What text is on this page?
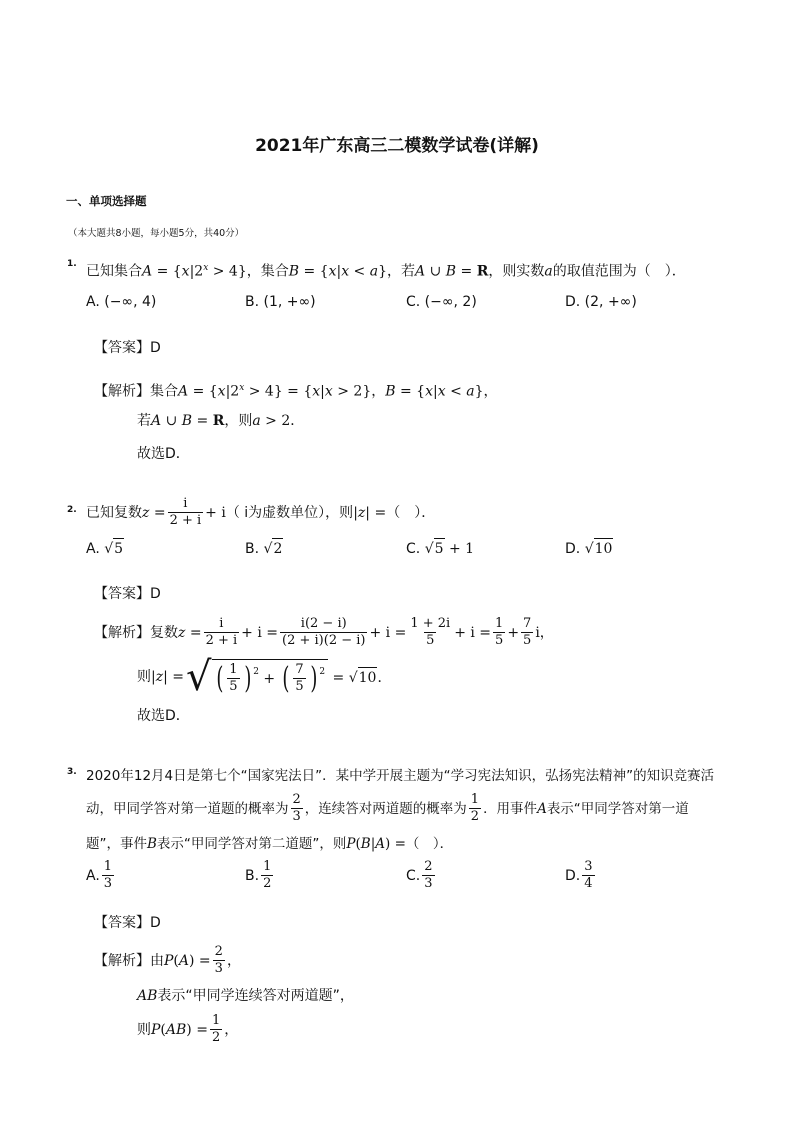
2021年广东高三二模数学试卷(详解)
一、单项选择题
（本大题共8小题，每小题5分，共40分）
1. 已知集合$A = \{x|2^x > 4\}$，集合B = {x|x < a}，若A ∪ B = R，则实数a的取值范围为（　）．
A. (−∞, 4)	B. (1, +∞)	C. (−∞, 2)	D. (2, +∞)
【答案】D
【解析】集合$A = \{x|2^x > 4\} = \{x|x > 2\}$，B = {x|x < a}，
若A ∪ B = R，则a > 2．
故选D．
2. 已知复数 $z = \frac{i}{2 + i} + i$ （ i为虚数单位），则 | z | = （　）．
A. √5	B. √2	C. √5 + 1	D. √10
【答案】D
【解析】 复数 $z = \frac{i}{2 + i} + i = \frac{i(2 - i)}{(2 + i)(2 - i)} + i = \frac{1 + 2i}{5} + i = \frac{1}{5} + \frac{7}{5}$ i，
则 | z | = √ ( $\frac{1}{5}$ ) $^2$ + ( $\frac{7}{5}$ ) $^2$ = √10．
故选D．
3. 2020年12月4日是第七个“国家宪法日”．某中学开展主题为“学习宪法知识，弘扬宪法精神”的知识竞赛活
动，甲同学答对第一道题的概率为 $\frac{2}{3}$ ，连续答对两道题的概率为 $\frac{1}{2}$ ．用事件 A 表示“甲同学答对第一道
题”，事件B表示“甲同学答对第二道题”，则P(B|A) =（　）．
A. $\frac{1}{3}$	B. $\frac{1}{2}$	C. $\frac{2}{3}$	D. $\frac{3}{4}$
【答案】D
【解析】 由 P ( A ) = $\frac{2}{3}$ ，
AB表示“甲同学连续答对两道题”，
则 P ( AB ) = $\frac{1}{2}$ ，
